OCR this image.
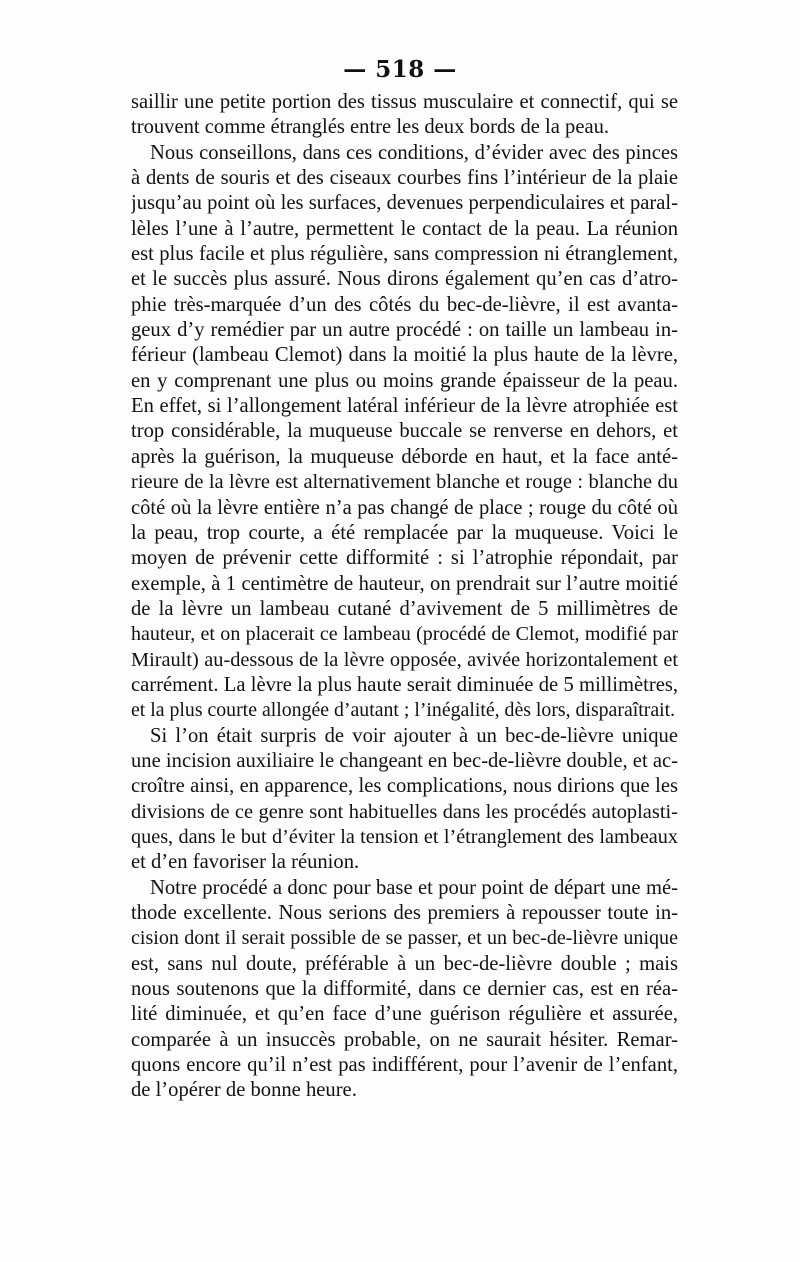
— 518 —
saillir une petite portion des tissus musculaire et connectif, qui se
trouvent comme étranglés entre les deux bords de la peau.
Nous conseillons, dans ces conditions, d’évider avec des pinces
à dents de souris et des ciseaux courbes fins l’intérieur de la plaie
jusqu’au point où les surfaces, devenues perpendiculaires et paral-
lèles l’une à l’autre, permettent le contact de la peau. La réunion
est plus facile et plus régulière, sans compression ni étranglement,
et le succès plus assuré. Nous dirons également qu’en cas d’atro-
phie très-marquée d’un des côtés du bec-de-lièvre, il est avanta-
geux d’y remédier par un autre procédé : on taille un lambeau in-
férieur (lambeau Clemot) dans la moitié la plus haute de la lèvre,
en y comprenant une plus ou moins grande épaisseur de la peau.
En effet, si l’allongement latéral inférieur de la lèvre atrophiée est
trop considérable, la muqueuse buccale se renverse en dehors, et
après la guérison, la muqueuse déborde en haut, et la face anté-
rieure de la lèvre est alternativement blanche et rouge : blanche du
côté où la lèvre entière n’a pas changé de place ; rouge du côté où
la peau, trop courte, a été remplacée par la muqueuse. Voici le
moyen de prévenir cette difformité : si l’atrophie répondait, par
exemple, à 1 centimètre de hauteur, on prendrait sur l’autre moitié
de la lèvre un lambeau cutané d’avivement de 5 millimètres de
hauteur, et on placerait ce lambeau (procédé de Clemot, modifié par
Mirault) au-dessous de la lèvre opposée, avivée horizontalement et
carrément. La lèvre la plus haute serait diminuée de 5 millimètres,
et la plus courte allongée d’autant ; l’inégalité, dès lors, disparaîtrait.
Si l’on était surpris de voir ajouter à un bec-de-lièvre unique
une incision auxiliaire le changeant en bec-de-lièvre double, et ac-
croître ainsi, en apparence, les complications, nous dirions que les
divisions de ce genre sont habituelles dans les procédés autoplasti-
ques, dans le but d’éviter la tension et l’étranglement des lambeaux
et d’en favoriser la réunion.
Notre procédé a donc pour base et pour point de départ une mé-
thode excellente. Nous serions des premiers à repousser toute in-
cision dont il serait possible de se passer, et un bec-de-lièvre unique
est, sans nul doute, préférable à un bec-de-lièvre double ; mais
nous soutenons que la difformité, dans ce dernier cas, est en réa-
lité diminuée, et qu’en face d’une guérison régulière et assurée,
comparée à un insuccès probable, on ne saurait hésiter. Remar-
quons encore qu’il n’est pas indifférent, pour l’avenir de l’enfant,
de l’opérer de bonne heure.
